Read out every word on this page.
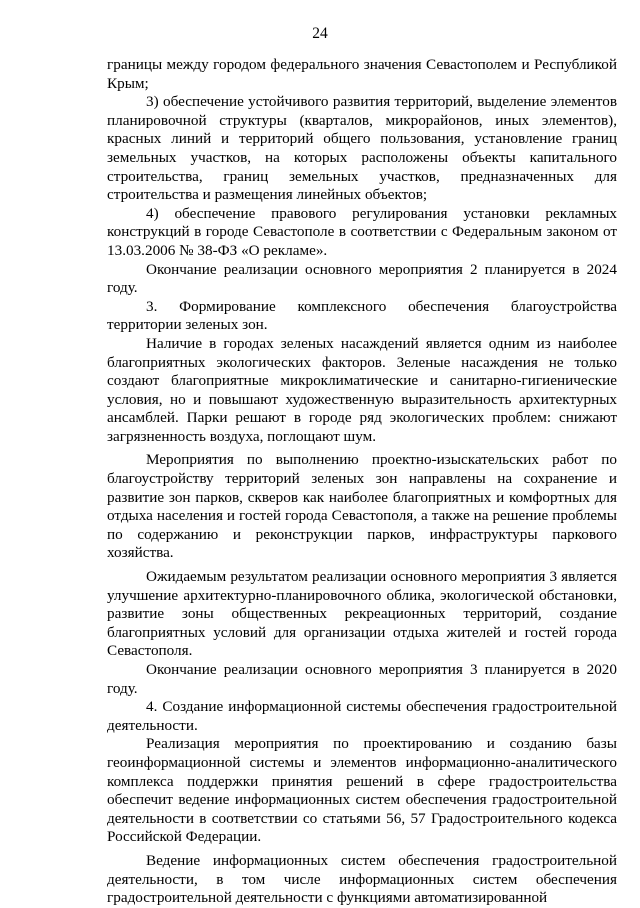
24

границы между городом федерального значения Севастополем и Республикой Крым;

3) обеспечение устойчивого развития территорий, выделение элементов планировочной структуры (кварталов, микрорайонов, иных элементов), красных линий и территорий общего пользования, установление границ земельных участков, на которых расположены объекты капитального строительства, границ земельных участков, предназначенных для строительства и размещения линейных объектов;

4) обеспечение правового регулирования установки рекламных конструкций в городе Севастополе в соответствии с Федеральным законом от 13.03.2006 № 38-ФЗ «О рекламе».

Окончание реализации основного мероприятия 2 планируется в 2024 году.

3. Формирование комплексного обеспечения благоустройства территории зеленых зон.

Наличие в городах зеленых насаждений является одним из наиболее благоприятных экологических факторов. Зеленые насаждения не только создают благоприятные микроклиматические и санитарно-гигиенические условия, но и повышают художественную выразительность архитектурных ансамблей. Парки решают в городе ряд экологических проблем: снижают загрязненность воздуха, поглощают шум.

Мероприятия по выполнению проектно-изыскательских работ по благоустройству территорий зеленых зон направлены на сохранение и развитие зон парков, скверов как наиболее благоприятных и комфортных для отдыха населения и гостей города Севастополя, а также на решение проблемы по содержанию и реконструкции парков, инфраструктуры паркового хозяйства.

Ожидаемым результатом реализации основного мероприятия 3 является улучшение архитектурно-планировочного облика, экологической обстановки, развитие зоны общественных рекреационных территорий, создание благоприятных условий для организации отдыха жителей и гостей города Севастополя.

Окончание реализации основного мероприятия 3 планируется в 2020 году.

4. Создание информационной системы обеспечения градостроительной деятельности.

Реализация мероприятия по проектированию и созданию базы геоинформационной системы и элементов информационно-аналитического комплекса поддержки принятия решений в сфере градостроительства обеспечит ведение информационных систем обеспечения градостроительной деятельности в соответствии со статьями 56, 57 Градостроительного кодекса Российской Федерации.

Ведение информационных систем обеспечения градостроительной деятельности, в том числе информационных систем обеспечения градостроительной деятельности с функциями автоматизированной
